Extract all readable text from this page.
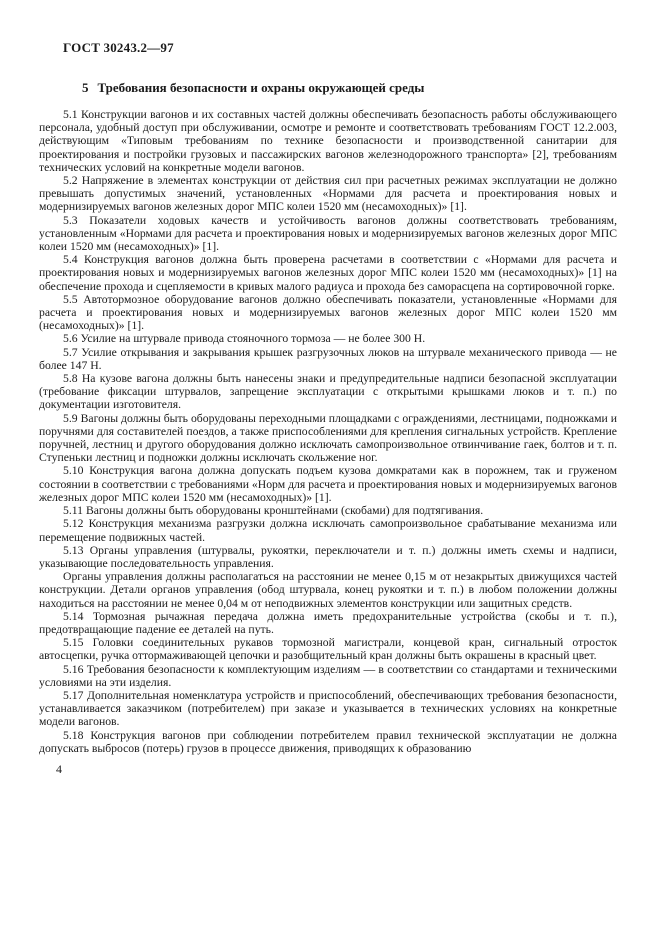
ГОСТ 30243.2—97
5 Требования безопасности и охраны окружающей среды

5.1 Конструкции вагонов и их составных частей должны обеспечивать безопасность работы обслуживающего персонала, удобный доступ при обслуживании, осмотре и ремонте и соответствовать требованиям ГОСТ 12.2.003, действующим «Типовым требованиям по технике безопасности и производственной санитарии для проектирования и постройки грузовых и пассажирских вагонов железнодорожного транспорта» [2], требованиям технических условий на конкретные модели вагонов.

5.2 Напряжение в элементах конструкции от действия сил при расчетных режимах эксплуатации не должно превышать допустимых значений, установленных «Нормами для расчета и проектирования новых и модернизируемых вагонов железных дорог МПС колеи 1520 мм (несамоходных)» [1].

5.3 Показатели ходовых качеств и устойчивость вагонов должны соответствовать требованиям, установленным «Нормами для расчета и проектирования новых и модернизируемых вагонов железных дорог МПС колеи 1520 мм (несамоходных)» [1].

5.4 Конструкция вагонов должна быть проверена расчетами в соответствии с «Нормами для расчета и проектирования новых и модернизируемых вагонов железных дорог МПС колеи 1520 мм (несамоходных)» [1] на обеспечение прохода и сцепляемости в кривых малого радиуса и прохода без саморасцепа на сортировочной горке.

5.5 Автотормозное оборудование вагонов должно обеспечивать показатели, установленные «Нормами для расчета и проектирования новых и модернизируемых вагонов железных дорог МПС колеи 1520 мм (несамоходных)» [1].

5.6 Усилие на штурвале привода стояночного тормоза — не более 300 Н.

5.7 Усилие открывания и закрывания крышек разгрузочных люков на штурвале механического привода — не более 147 Н.

5.8 На кузове вагона должны быть нанесены знаки и предупредительные надписи безопасной эксплуатации (требование фиксации штурвалов, запрещение эксплуатации с открытыми крышками люков и т. п.) по документации изготовителя.

5.9 Вагоны должны быть оборудованы переходными площадками с ограждениями, лестницами, подножками и поручнями для составителей поездов, а также приспособлениями для крепления сигнальных устройств. Крепление поручней, лестниц и другого оборудования должно исключать самопроизвольное отвинчивание гаек, болтов и т. п. Ступеньки лестниц и подножки должны исключать скольжение ног.

5.10 Конструкция вагона должна допускать подъем кузова домкратами как в порожнем, так и груженом состоянии в соответствии с требованиями «Норм для расчета и проектирования новых и модернизируемых вагонов железных дорог МПС колеи 1520 мм (несамоходных)» [1].

5.11 Вагоны должны быть оборудованы кронштейнами (скобами) для подтягивания.

5.12 Конструкция механизма разгрузки должна исключать самопроизвольное срабатывание механизма или перемещение подвижных частей.

5.13 Органы управления (штурвалы, рукоятки, переключатели и т. п.) должны иметь схемы и надписи, указывающие последовательность управления.

Органы управления должны располагаться на расстоянии не менее 0,15 м от незакрытых движущихся частей конструкции. Детали органов управления (обод штурвала, конец рукоятки и т. п.) в любом положении должны находиться на расстоянии не менее 0,04 м от неподвижных элементов конструкции или защитных средств.

5.14 Тормозная рычажная передача должна иметь предохранительные устройства (скобы и т. п.), предотвращающие падение ее деталей на путь.

5.15 Головки соединительных рукавов тормозной магистрали, концевой кран, сигнальный отросток автосцепки, ручка оттормаживающей цепочки и разобщительный кран должны быть окрашены в красный цвет.

5.16 Требования безопасности к комплектующим изделиям — в соответствии со стандартами и техническими условиями на эти изделия.

5.17 Дополнительная номенклатура устройств и приспособлений, обеспечивающих требования безопасности, устанавливается заказчиком (потребителем) при заказе и указывается в технических условиях на конкретные модели вагонов.

5.18 Конструкция вагонов при соблюдении потребителем правил технической эксплуатации не должна допускать выбросов (потерь) грузов в процессе движения, приводящих к образованию

4
